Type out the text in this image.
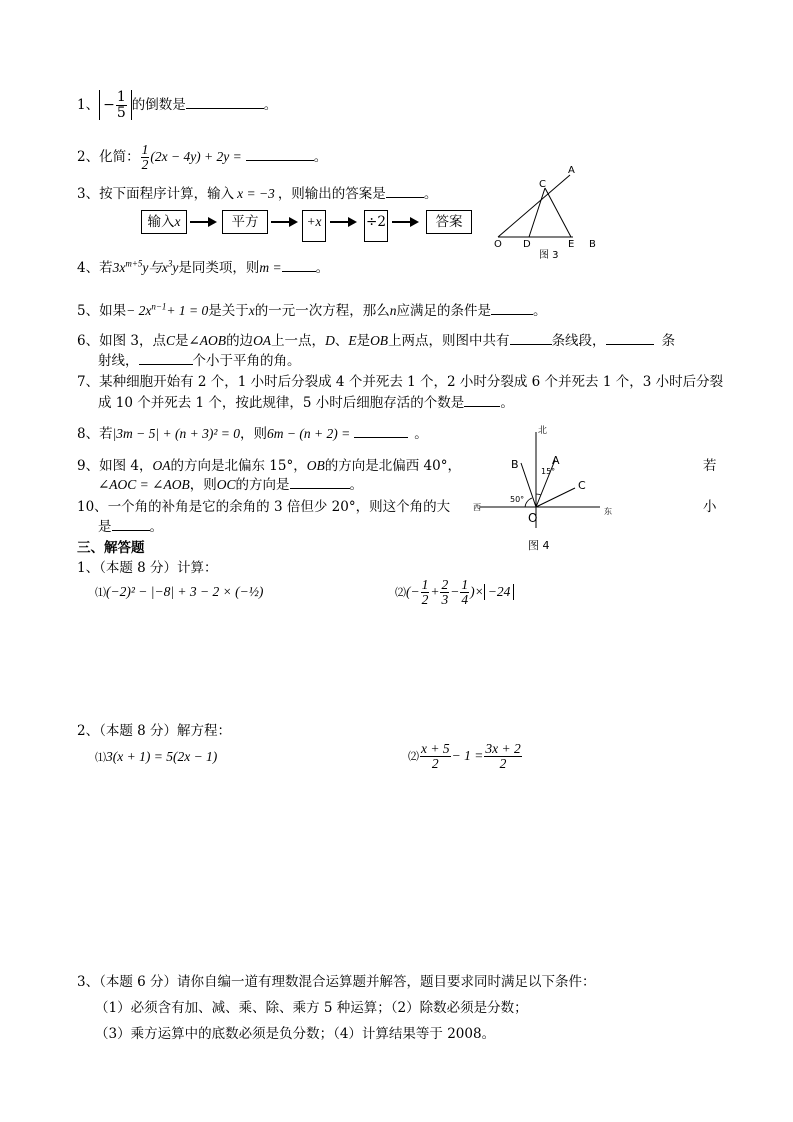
1、 − $\frac{1}{5}$ 的倒数是	。
2、化简： $\frac{1}{2} (2x - 4y) + 2y$ =	。
3、按下面程序计算，输入 x = −3 ，则输出的答案是	。
输入x	平方	+x	÷2	答案
A
C
O D	E B
图 3
4、若$3x^{m+5}y$与$x^3y$是同类项，则m =	。
5、如果− $2x^{n-1}+ 1 = 0$是关于x的一元一次方程，那么n应满足的条件是	。
6、如图 3，点C是∠AOB的边OA上一点，D、E是OB上两点，则图中共有	条线段，	条
射线，	个小于平角的角。
7、某种细胞开始有 2 个，1 小时后分裂成 4 个并死去 1 个，2 小时分裂成 6 个并死去 1 个，3 小时后分裂
成 10 个并死去 1 个，按此规律，5 小时后细胞存活的个数是	。
8、若|3m − 5| + (n + 3)² = 0，则6m − (n + 2) =	。	北
西	东
B	A
C
O
15°
50°
图 4
9、如图 4，OA的方向是北偏东 15°，OB的方向是北偏西 40°，	若
∠AOC = ∠AOB，则OC的方向是	。
10、一个角的补角是它的余角的 3 倍但少 20°，则这个角的大	小
是	。
三、解答题
1、（本题 8 分）计算：
⑴(−2)² − |−8| + 3 − 2 × (−½)	⑵(− $\frac{1}{2} + \frac{2}{3} - \frac{1}{4}$ )× −24
2、（本题 8 分）解方程：
⑴3(x + 1) = 5(2x − 1)	⑵ $\frac{x + 5}{2} - 1 = \frac{3x + 2}{2}$
3、（本题 6 分）请你自编一道有理数混合运算题并解答，题目要求同时满足以下条件：
（1）必须含有加、减、乘、除、乘方 5 种运算；（2）除数必须是分数；
（3）乘方运算中的底数必须是负分数；（4）计算结果等于 2008。
